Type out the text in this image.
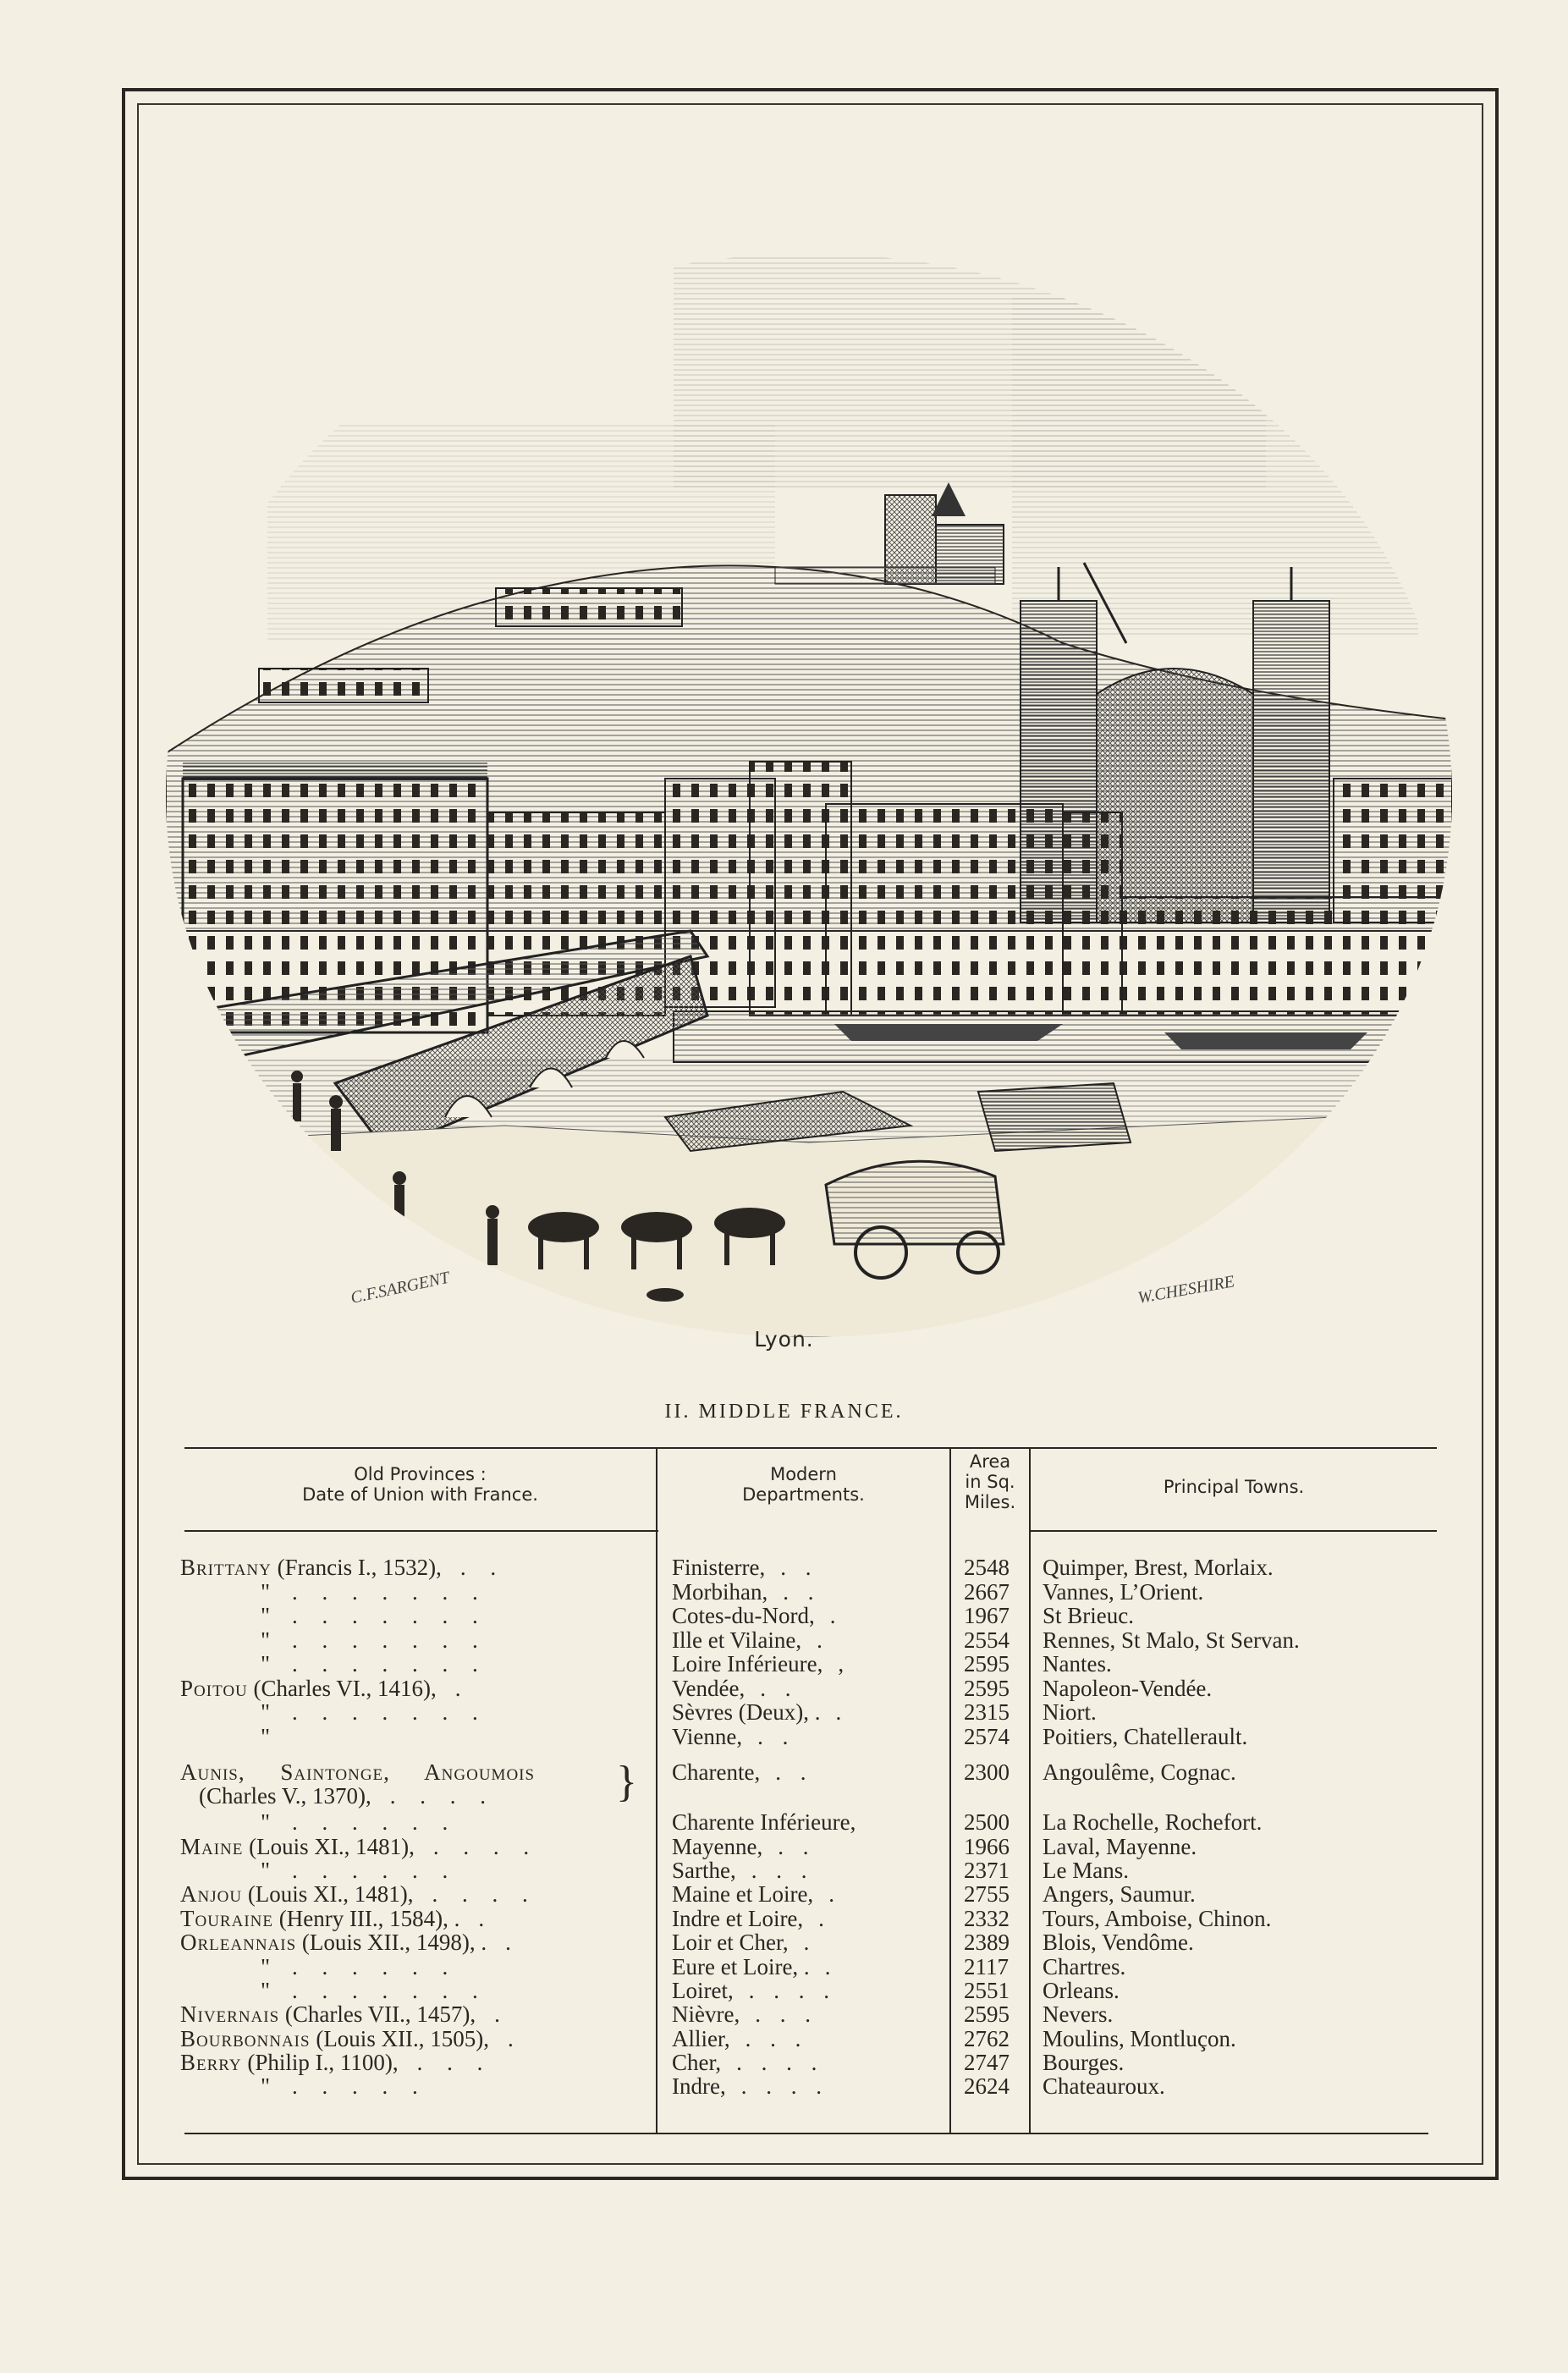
C.F.SARGENT	W.CHESHIRE
Lyon.
II. MIDDLE FRANCE.
Old Provinces :
Date of Union with France.
Modern
Departments.
Area
in Sq.
Miles.
Principal Towns.
Brittany (Francis I., 1532), . .	Finisterre, . .	2548 Quimper, Brest, Morlaix.
" . . . . . . .	Morbihan, . .	2667 Vannes, L’Orient.
" . . . . . . .	Cotes-du-Nord, .	1967 St Brieuc.
" . . . . . . .	Ille et Vilaine, .	2554 Rennes, St Malo, St Servan.
" . . . . . . .	Loire Inférieure, ,	2595 Nantes.
Poitou (Charles VI., 1416), .	Vendée, . .	2595 Napoleon-Vendée.
" . . . . . . .	Sèvres (Deux), . .	2315 Niort.
"	Vienne, . .	2574 Poitiers, Chatellerault.
Aunis, Saintonge, Angoumois } Charente, . .	2300 Angoulême, Cognac.
(Charles V., 1370), . . . .
" . . . . . .	Charente Inférieure,	2500 La Rochelle, Rochefort.
Maine (Louis XI., 1481), . . . .	Mayenne, . .	1966 Laval, Mayenne.
" . . . . . .	Sarthe, . . .	2371 Le Mans.
Anjou (Louis XI., 1481), . . . .	Maine et Loire, .	2755 Angers, Saumur.
Touraine (Henry III., 1584), . .	Indre et Loire, .	2332 Tours, Amboise, Chinon.
Orleannais (Louis XII., 1498), . .	Loir et Cher, .	2389 Blois, Vendôme.
" . . . . . .	Eure et Loire, . .	2117 Chartres.
" . . . . . . .	Loiret, . . . .	2551 Orleans.
Nivernais (Charles VII., 1457), .	Nièvre, . . .	2595 Nevers.
Bourbonnais (Louis XII., 1505), .	Allier, . . .	2762 Moulins, Montluçon.
Berry (Philip I., 1100), . . .	Cher, . . . .	2747 Bourges.
" . . . . .	Indre, . . . .	2624 Chateauroux.
